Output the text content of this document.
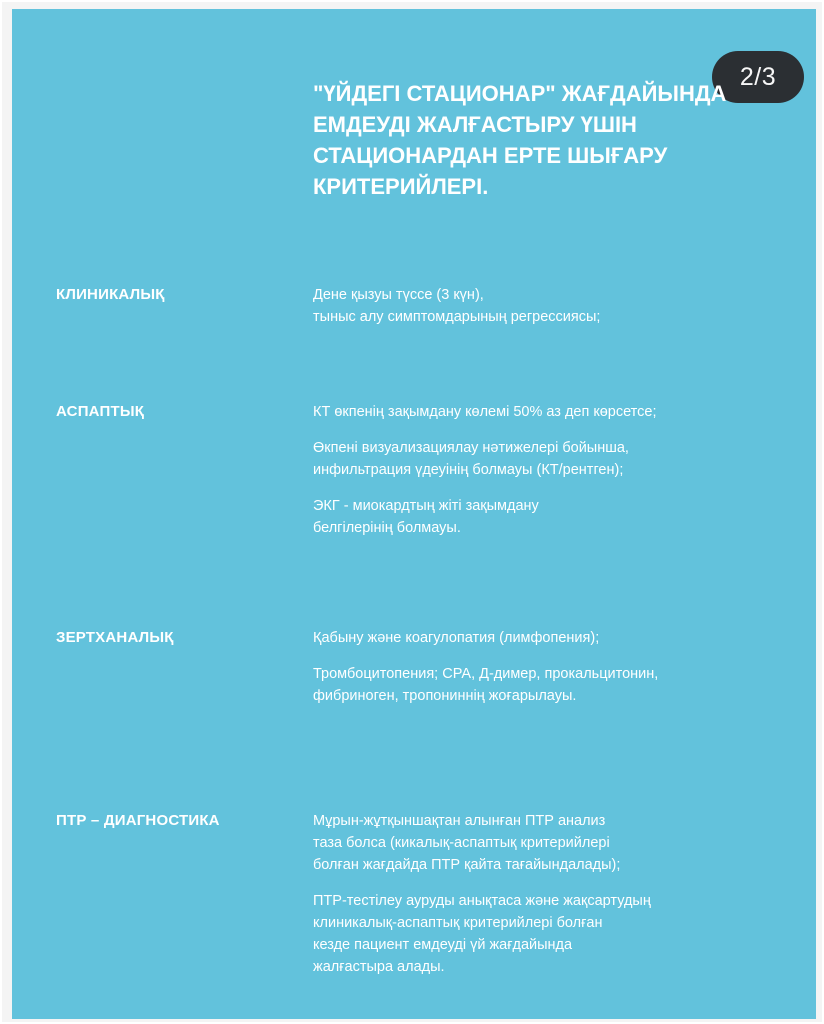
2/3
"ҮЙДЕГІ СТАЦИОНАР" ЖАҒДАЙЫНДА
ЕМДЕУДІ ЖАЛҒАСТЫРУ ҮШІН
СТАЦИОНАРДАН ЕРТЕ ШЫҒАРУ
КРИТЕРИЙЛЕРІ.
КЛИНИКАЛЫҚ	Дене қызуы түссе (3 күн),
тыныс алу симптомдарының регрессиясы;

АСПАПТЫҚ	КТ өкпенің зақымдану көлемі 50% аз деп көрсетсе;

Өкпені визуализациялау нәтижелері бойынша,
инфильтрация үдеуінің болмауы (КТ/рентген);

ЭКГ - миокардтың жіті зақымдану
белгілерінің болмауы.

ЗЕРТХАНАЛЫҚ	Қабыну және коагулопатия (лимфопения);

Тромбоцитопения; СРА, Д-димер, прокальцитонин,
фибриноген, тропониннің жоғарылауы.

ПТР – ДИАГНОСТИКА	Мұрын-жұтқыншақтан алынған ПТР анализ
таза болса (кикалық-аспаптық критерийлері
болған жағдайда ПТР қайта тағайындалады);

ПТР-тестілеу ауруды анықтаса және жақсартудың
клиникалық-аспаптық критерийлері болған
кезде пациент емдеуді үй жағдайында
жалғастыра алады.
